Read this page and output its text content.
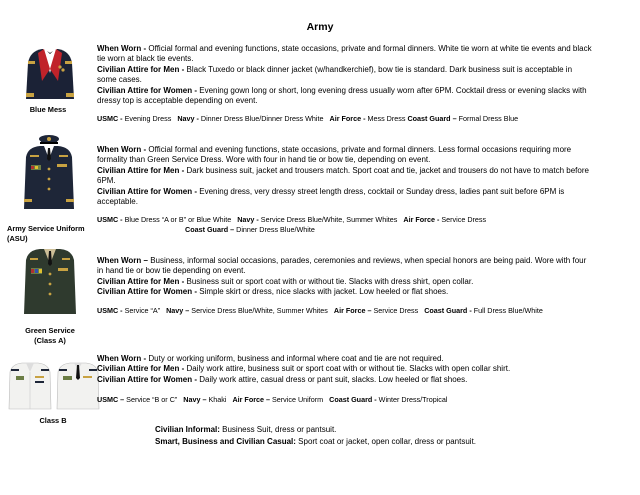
Army
Blue Mess
When Worn - Official formal and evening functions, state occasions, private and formal dinners. White tie worn at white tie events and black tie worn at black tie events.
Civilian Attire for Men - Black Tuxedo or black dinner jacket (w/handkerchief), bow tie is standard. Dark business suit is acceptable in some cases.
Civilian Attire for Women - Evening gown long or short, long evening dress usually worn after 6PM. Cocktail dress or evening slacks with dressy top is acceptable depending on event.
USMC - Evening Dress Navy - Dinner Dress Blue/Dinner Dress White Air Force - Mess Dress Coast Guard – Formal Dress Blue
Army Service Uniform (ASU)
When Worn - Official formal and evening functions, state occasions, private and formal dinners. Less formal occasions requiring more formality than Green Service Dress. Wore with four in hand tie or bow tie, depending on event.
Civilian Attire for Men - Dark business suit, jacket and trousers match. Sport coat and tie, jacket and trousers do not have to match before 6PM.
Civilian Attire for Women - Evening dress, very dressy street length dress, cocktail or Sunday dress, ladies pant suit before 6PM is acceptable.
USMC - Blue Dress “A or B” or Blue White Navy - Service Dress Blue/White, Summer Whites Air Force - Service Dress
Coast Guard – Dinner Dress Blue/White
Green Service (Class A)
When Worn – Business, informal social occasions, parades, ceremonies and reviews, when special honors are being paid. Wore with four in hand tie or bow tie depending on event.
Civilian Attire for Men - Business suit or sport coat with or without tie. Slacks with dress shirt, open collar.
Civilian Attire for Women - Simple skirt or dress, nice slacks with jacket. Low heeled or flat shoes.
USMC - Service “A” Navy – Service Dress Blue/White, Summer Whites Air Force – Service Dress Coast Guard - Full Dress Blue/White
Class B
When Worn - Duty or working uniform, business and informal where coat and tie are not required.
Civilian Attire for Men - Daily work attire, business suit or sport coat with or without tie. Slacks with open collar shirt.
Civilian Attire for Women - Daily work attire, casual dress or pant suit, slacks. Low heeled or flat shoes.
USMC – Service “B or C” Navy – Khaki Air Force – Service Uniform Coast Guard - Winter Dress/Tropical
Civilian Informal: Business Suit, dress or pantsuit.
Smart, Business and Civilian Casual: Sport coat or jacket, open collar, dress or pantsuit.
